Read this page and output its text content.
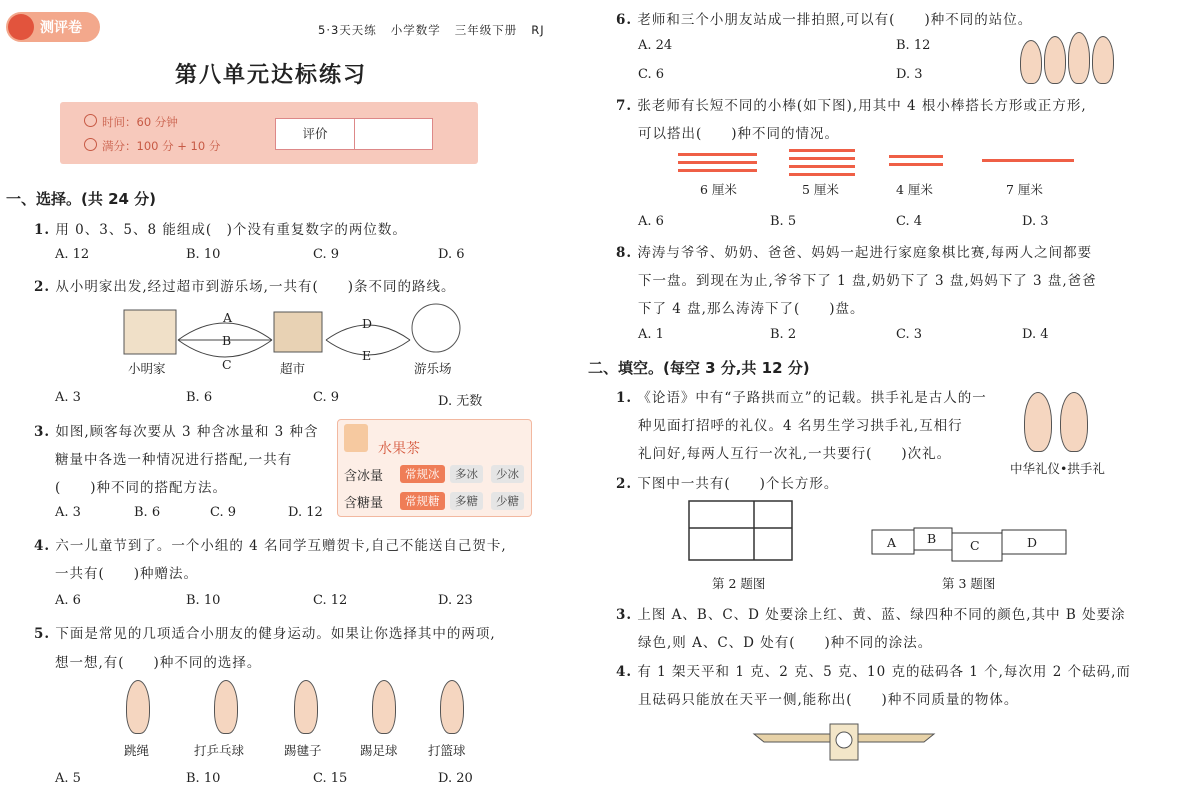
测评卷	5·3天天练 小学数学 三年级下册 RJ
第八单元达标练习
时间：60 分钟
满分：100 分 + 10 分
评价
一、选择。(共 24 分)
1. 用 0、3、5、8 能组成(　)个没有重复数字的两位数。
A. 12	B. 10	C. 9	D. 6
2. 从小明家出发,经过超市到游乐场,一共有(　　)条不同的路线。
A
B
C
D
E
小明家	超市	游乐场
A. 3	B. 6	C. 9	D. 无数
3. 如图,顾客每次要从 3 种含冰量和 3 种含
糖量中各选一种情况进行搭配,一共有
(　　)种不同的搭配方法。
水果茶
含冰量	常规冰	多冰	少冰
含糖量	常规糖	多糖	少糖
A. 3	B. 6	C. 9	D. 12
4. 六一儿童节到了。一个小组的 4 名同学互赠贺卡,自己不能送自己贺卡,
一共有(　　)种赠法。
A. 6	B. 10	C. 12	D. 23
5. 下面是常见的几项适合小朋友的健身运动。如果让你选择其中的两项,
想一想,有(　　)种不同的选择。
跳绳	打乒乓球	踢毽子	踢足球 打篮球
A. 5	B. 10	C. 15	D. 20
6. 老师和三个小朋友站成一排拍照,可以有(　　)种不同的站位。
A. 24	B. 12
C. 6	D. 3
7. 张老师有长短不同的小棒(如下图),用其中 4 根小棒搭长方形或正方形,
可以搭出(　　)种不同的情况。
6 厘米	5 厘米	4 厘米	7 厘米
A. 6	B. 5	C. 4	D. 3
8. 涛涛与爷爷、奶奶、爸爸、妈妈一起进行家庭象棋比赛,每两人之间都要
下一盘。到现在为止,爷爷下了 1 盘,奶奶下了 3 盘,妈妈下了 3 盘,爸爸
下了 4 盘,那么涛涛下了(　　)盘。
A. 1	B. 2	C. 3	D. 4
二、填空。(每空 3 分,共 12 分)
1. 《论语》中有“子路拱而立”的记载。拱手礼是古人的一
种见面打招呼的礼仪。4 名男生学习拱手礼,互相行
礼问好,每两人互行一次礼,一共要行(　　)次礼。
中华礼仪•拱手礼
2. 下图中一共有(　　)个长方形。
第 2 题图
A B	C	D
第 3 题图
3. 上图 A、B、C、D 处要涂上红、黄、蓝、绿四种不同的颜色,其中 B 处要涂
绿色,则 A、C、D 处有(　　)种不同的涂法。
4. 有 1 架天平和 1 克、2 克、5 克、10 克的砝码各 1 个,每次用 2 个砝码,而
且砝码只能放在天平一侧,能称出(　　)种不同质量的物体。
